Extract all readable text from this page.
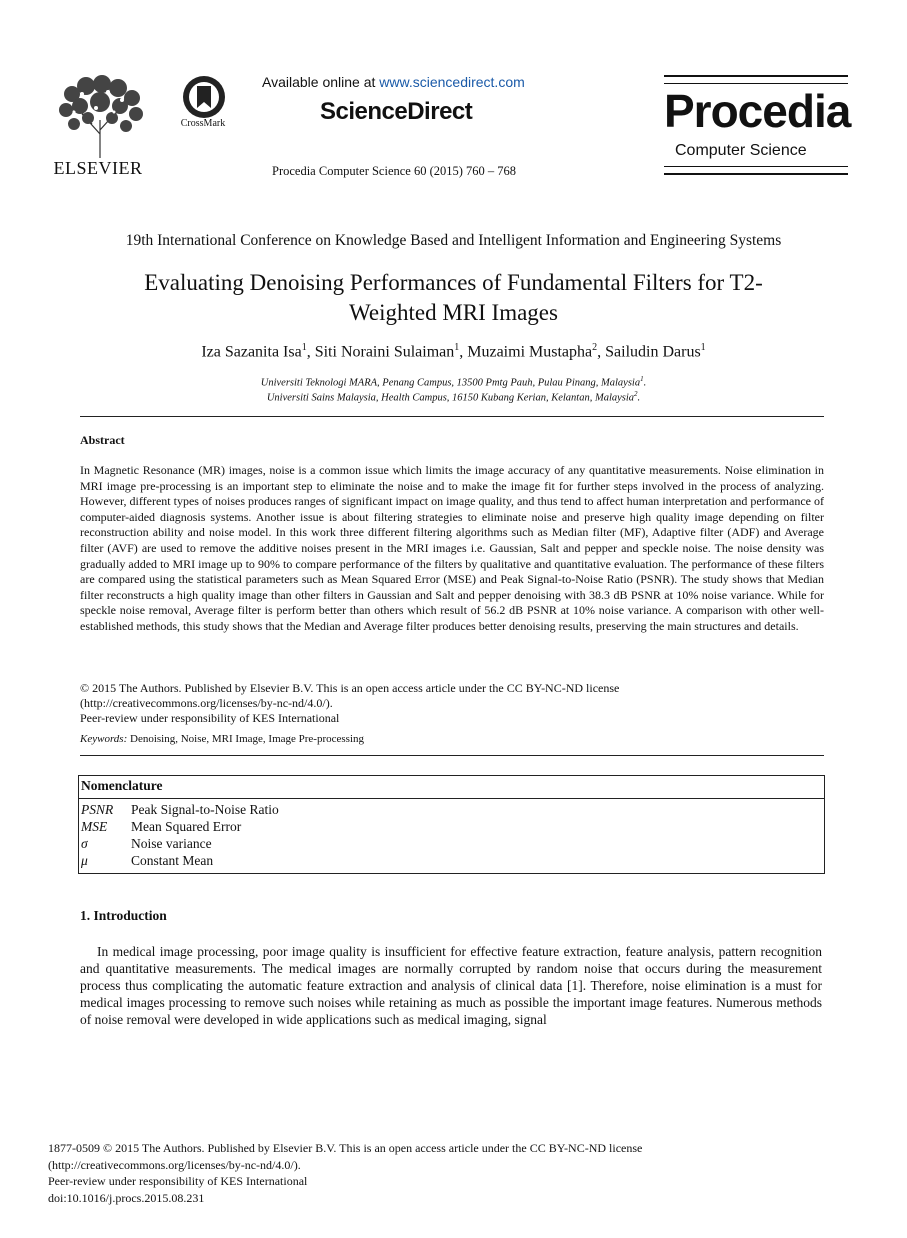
ELSEVIER
CrossMark
Available online at www.sciencedirect.com
ScienceDirect
Procedia Computer Science 60 (2015) 760 – 768
Procedia
Computer Science
19th International Conference on Knowledge Based and Intelligent Information and Engineering Systems
Evaluating Denoising Performances of Fundamental Filters for T2-
Weighted MRI Images
Iza Sazanita Isa$^1$, Siti Noraini Sulaiman$^1$, Muzaimi Mustapha$^2$, Sailudin Darus$^1$
Universiti Teknologi MARA, Penang Campus, 13500 Pmtg Pauh, Pulau Pinang, Malaysia$^1$.
Universiti Sains Malaysia, Health Campus, 16150 Kubang Kerian, Kelantan, Malaysia$^2$.
Abstract
In Magnetic Resonance (MR) images, noise is a common issue which limits the image accuracy of any quantitative measurements. Noise elimination in MRI image pre-processing is an important step to eliminate the noise and to make the image fit for further steps involved in the process of analyzing. However, different types of noises produces ranges of significant impact on image quality, and thus tend to affect human interpretation and performance of computer-aided diagnosis systems. Another issue is about filtering strategies to eliminate noise and preserve high quality image depending on filter reconstruction ability and noise model. In this work three different filtering algorithms such as Median filter (MF), Adaptive filter (ADF) and Average filter (AVF) are used to remove the additive noises present in the MRI images i.e. Gaussian, Salt and pepper and speckle noise. The noise density was gradually added to MRI image up to 90% to compare performance of the filters by qualitative and quantitative evaluation. The performance of these filters are compared using the statistical parameters such as Mean Squared Error (MSE) and Peak Signal-to-Noise Ratio (PSNR). The study shows that Median filter reconstructs a high quality image than other filters in Gaussian and Salt and pepper denoising with 38.3 dB PSNR at 10% noise variance. While for speckle noise removal, Average filter is perform better than others which result of 56.2 dB PSNR at 10% noise variance. A comparison with other well-established methods, this study shows that the Median and Average filter produces better denoising results, preserving the main structures and details.
© 2015 The Authors. Published by Elsevier B.V. This is an open access article under the CC BY-NC-ND license
(http://creativecommons.org/licenses/by-nc-nd/4.0/).
Peer-review under responsibility of KES International
Keywords: Denoising, Noise, MRI Image, Image Pre-processing
Nomenclature
PSNR Peak Signal-to-Noise Ratio
MSE Mean Squared Error
σ	Noise variance
μ	Constant Mean
1. Introduction
In medical image processing, poor image quality is insufficient for effective feature extraction, feature analysis, pattern recognition and quantitative measurements. The medical images are normally corrupted by random noise that occurs during the measurement process thus complicating the automatic feature extraction and analysis of clinical data [1]. Therefore, noise elimination is a must for medical images processing to remove such noises while retaining as much as possible the important image features. Numerous methods of noise removal were developed in wide applications such as medical imaging, signal
1877-0509 © 2015 The Authors. Published by Elsevier B.V. This is an open access article under the CC BY-NC-ND license
(http://creativecommons.org/licenses/by-nc-nd/4.0/).
Peer-review under responsibility of KES International
doi:10.1016/j.procs.2015.08.231
